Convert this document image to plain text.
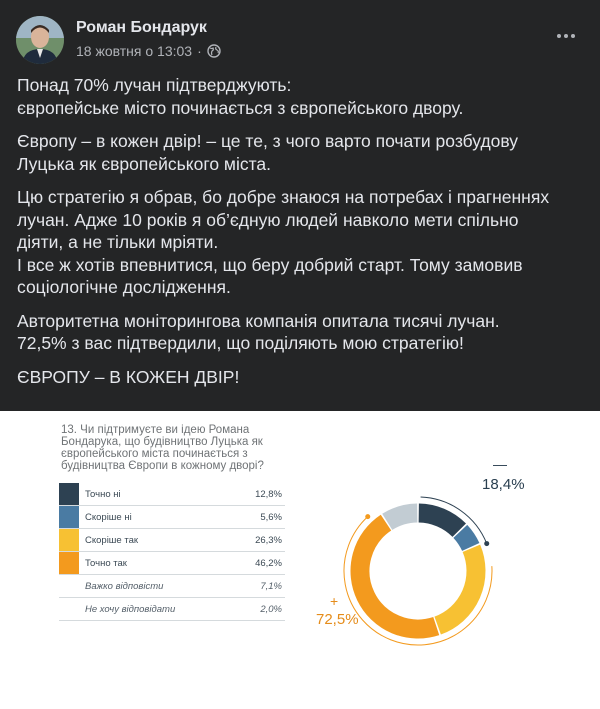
Роман Бондарук
18 жовтня о 13:03 ·

Понад 70% лучан підтверджують:
європейське місто починається з європейського двору.

Європу – в кожен двір! – це те, з чого варто почати розбудову
Луцька як європейського міста.

Цю стратегію я обрав, бо добре знаюся на потребах і прагненнях
лучан. Адже 10 років я об’єдную людей навколо мети спільно
діяти, а не тільки мріяти.
І все ж хотів впевнитися, що беру добрий старт. Тому замовив
соціологічне дослідження.

Авторитетна моніторингова компанія опитала тисячі лучан.
72,5% з вас підтвердили, що поділяють мою стратегію!

ЄВРОПУ – В КОЖЕН ДВІР!

13. Чи підтримуєте ви ідею Романа Бондарука, що будівництво Луцька як європейського міста починається з будівництва Європи в кожному дворі?
Точно ні	12,8%
Скоріше ні	5,6%
Скоріше так	26,3%
Точно так	46,2%
Важко відповісти	7,1%
Не хочу відповідати	2,0%
—
18,4%
+
72,5%
